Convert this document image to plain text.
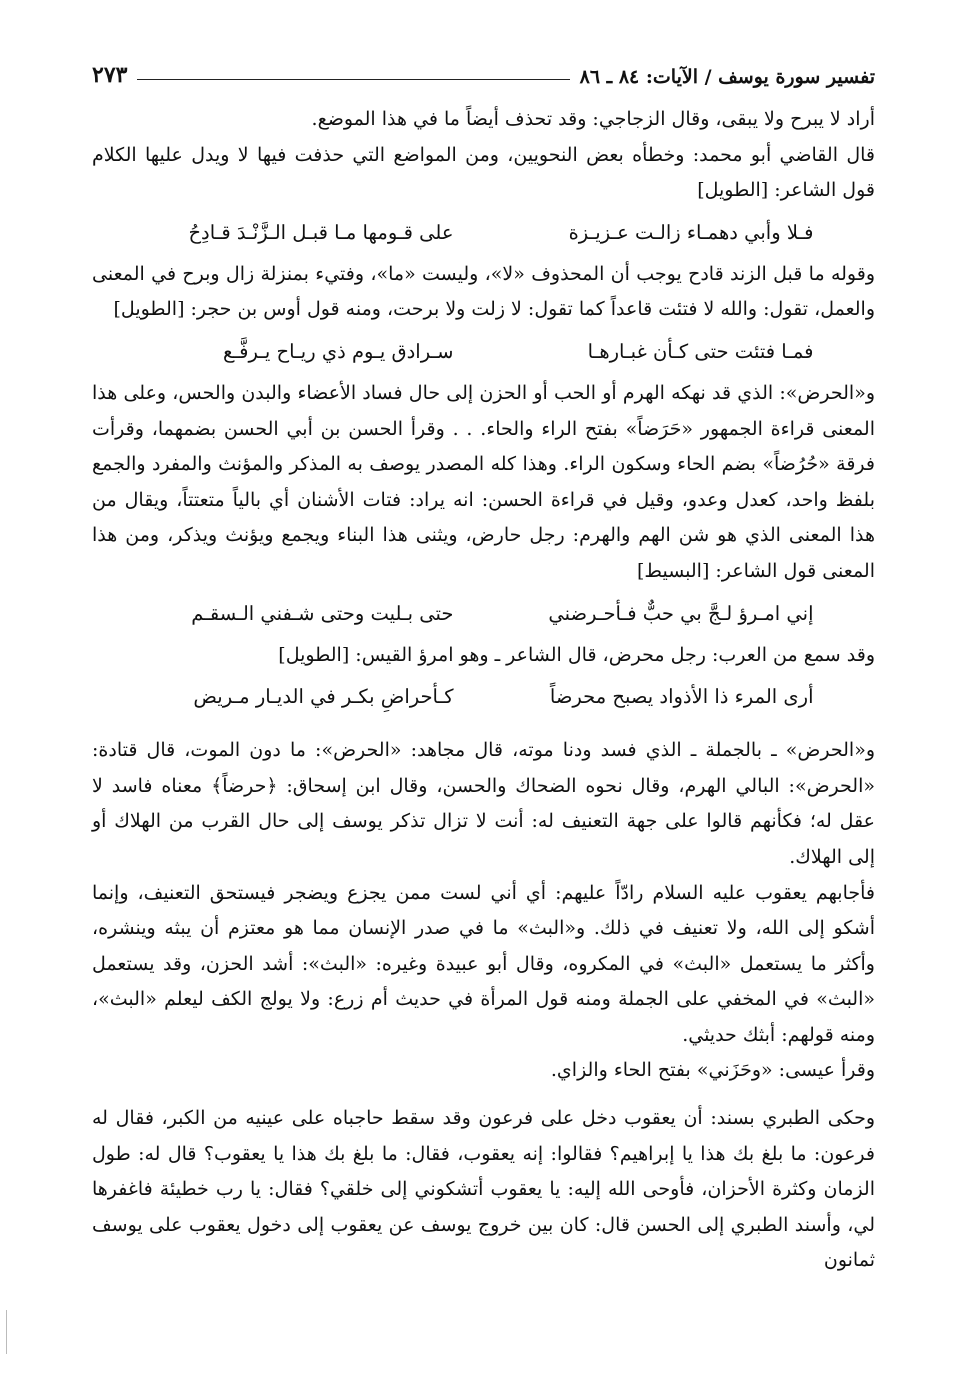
تفسير سورة يوسف / الآيات: ٨٤ ـ ٨٦
٢٧٣

أراد لا يبرح ولا يبقى، وقال الزجاجي: وقد تحذف أيضاً ما في هذا الموضع.

قال القاضي أبو محمد: وخطأه بعض النحويين، ومن المواضع التي حذفت فيها لا ويدل عليها الكلام قول الشاعر: [الطويل]

فـلا وأبي دهمـاء زالـت عـزيـزة
على قـومها مـا قبـل الـزَّنْـدَ قـادِحُ

وقوله ما قبل الزند قادح يوجب أن المحذوف «لا»، وليست «ما»، وفتيء بمنزلة زال وبرح في المعنى والعمل، تقول: والله لا فتئت قاعداً كما تقول: لا زلت ولا برحت، ومنه قول أوس بن حجر: [الطويل]

فمـا فتئت حتى كـأن غبـارهـا
سـرادق يـوم ذي ريـاح يـرفَّـع

و«الحرض»: الذي قد نهكه الهرم أو الحب أو الحزن إلى حال فساد الأعضاء والبدن والحس، وعلى هذا المعنى قراءة الجمهور «حَرَضاً» بفتح الراء والحاء. . . وقرأ الحسن بن أبي الحسن بضمهما، وقرأت فرقة «حُرُضاً» بضم الحاء وسكون الراء. وهذا كله المصدر يوصف به المذكر والمؤنث والمفرد والجمع بلفظ واحد، كعدل وعدو، وقيل في قراءة الحسن: انه يراد: فتات الأشنان أي بالياً متعتتاً، ويقال من هذا المعنى الذي هو شن الهم والهرم: رجل حارض، ويثنى هذا البناء ويجمع ويؤنث ويذكر، ومن هذا المعنى قول الشاعر: [البسيط]

إني امـرؤ لـجَّ بي حبٌّ فـأحـرضني
حتى بـليت وحتى شـفني الـسقـم

وقد سمع من العرب: رجل محرض، قال الشاعر ـ وهو امرؤ القيس: [الطويل]

أرى المرء ذا الأذواد يصبح محرضاً
كـأحراضِ بكـر في الديـار مـريض

و«الحرض» ـ بالجملة ـ الذي فسد ودنا موته، قال مجاهد: «الحرض»: ما دون الموت، قال قتادة: «الحرض»: البالي الهرم، وقال نحوه الضحاك والحسن، وقال ابن إسحاق: ﴿حرضاً﴾ معناه فاسد لا عقل له؛ فكأنهم قالوا على جهة التعنيف له: أنت لا تزال تذكر يوسف إلى حال القرب من الهلاك أو إلى الهلاك.

فأجابهم يعقوب عليه السلام رادّاً عليهم: أي أني لست ممن يجزع ويضجر فيستحق التعنيف، وإنما أشكو إلى الله، ولا تعنيف في ذلك. و«البث» ما في صدر الإنسان مما هو معتزم أن يبثه وينشره، وأكثر ما يستعمل «البث» في المكروه، وقال أبو عبيدة وغيره: «البث»: أشد الحزن، وقد يستعمل «البث» في المخفي على الجملة ومنه قول المرأة في حديث أم زرع: ولا يولج الكف ليعلم «البث»، ومنه قولهم: أبثك حديثي.

وقرأ عيسى: «وحَزَني» بفتح الحاء والزاي.

وحكى الطبري بسند: أن يعقوب دخل على فرعون وقد سقط حاجباه على عينيه من الكبر، فقال له فرعون: ما بلغ بك هذا يا إبراهيم؟ فقالوا: إنه يعقوب، فقال: ما بلغ بك هذا يا يعقوب؟ قال له: طول الزمان وكثرة الأحزان، فأوحى الله إليه: يا يعقوب أتشكوني إلى خلقي؟ فقال: يا رب خطيئة فاغفرها لي، وأسند الطبري إلى الحسن قال: كان بين خروج يوسف عن يعقوب إلى دخول يعقوب على يوسف ثمانون
